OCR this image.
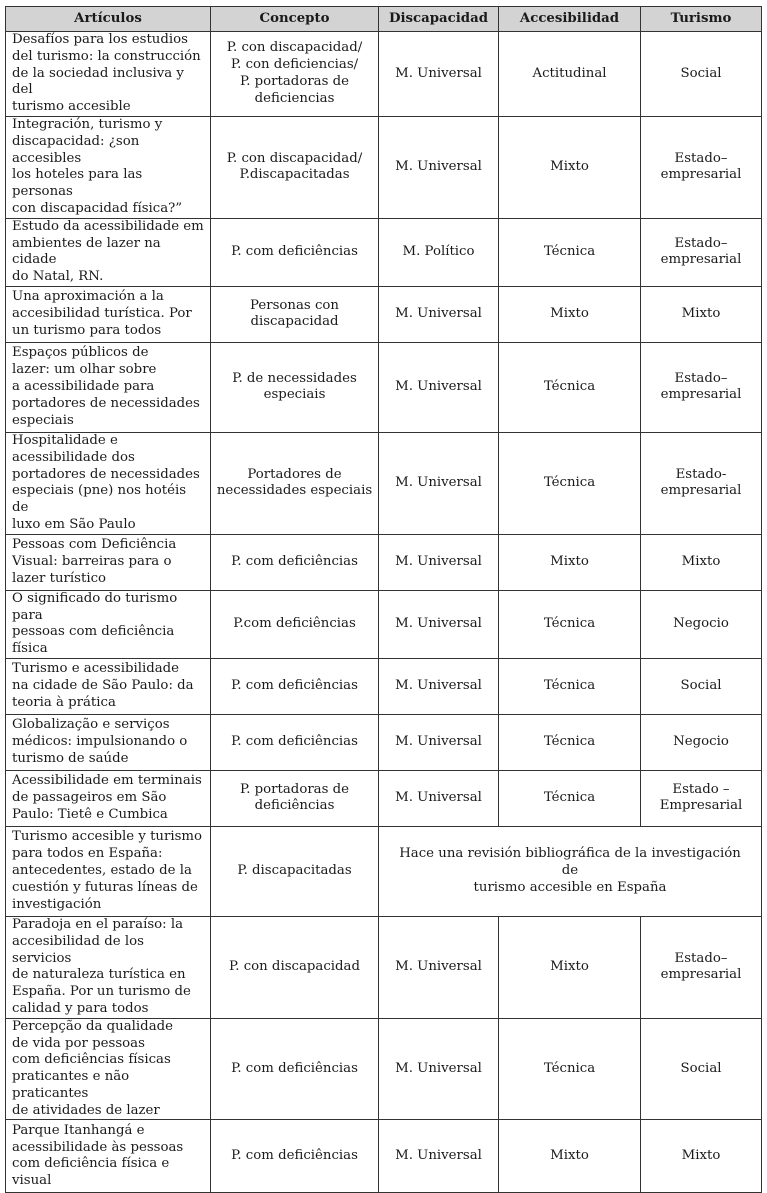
Artículos	Concepto	Discapacidad	Accesibilidad	Turismo

Desafíos para los estudios
del turismo: la construcción
de la sociedad inclusiva y del
turismo accesible	P. con discapacidad/
P. con deficiencias/
P. portadoras de
deficiencias	M. Universal	Actitudinal	Social

Integración, turismo y
discapacidad: ¿son accesibles
los hoteles para las personas
con discapacidad física?”	P. con discapacidad/
P.discapacitadas	M. Universal	Mixto	Estado–
empresarial

Estudo da acessibilidade em
ambientes de lazer na cidade
do Natal, RN.	P. com deficiências	M. Político	Técnica	Estado–
empresarial

Una aproximación a la
accesibilidad turística. Por
un turismo para todos	Personas con
discapacidad	M. Universal	Mixto	Mixto

Espaços públicos de
lazer: um olhar sobre
a acessibilidade para
portadores de necessidades
especiais	P. de necessidades
especiais	M. Universal	Técnica	Estado–
empresarial

Hospitalidade e
acessibilidade dos
portadores de necessidades
especiais (pne) nos hotéis de
luxo em São Paulo	Portadores de
necessidades especiais	M. Universal	Técnica	Estado-
empresarial

Pessoas com Deficiência
Visual: barreiras para o
lazer turístico	P. com deficiências	M. Universal	Mixto	Mixto

O significado do turismo para
pessoas com deficiência física	P.com deficiências	M. Universal	Técnica	Negocio

Turismo e acessibilidade
na cidade de São Paulo: da
teoria à prática	P. com deficiências	M. Universal	Técnica	Social

Globalização e serviços
médicos: impulsionando o
turismo de saúde	P. com deficiências	M. Universal	Técnica	Negocio

Acessibilidade em terminais
de passageiros em São
Paulo: Tietê e Cumbica	P. portadoras de
deficiências	M. Universal	Técnica	Estado –
Empresarial

Turismo accesible y turismo
para todos en España:
antecedentes, estado de la
cuestión y futuras líneas de
investigación	P. discapacitadas	Hace una revisión bibliográfica de la investigación de
turismo accesible en España		

Paradoja en el paraíso: la
accesibilidad de los servicios
de naturaleza turística en
España. Por un turismo de
calidad y para todos	P. con discapacidad	M. Universal	Mixto	Estado–
empresarial

Percepção da qualidade
de vida por pessoas
com deficiências físicas
praticantes e não praticantes
de atividades de lazer	P. com deficiências	M. Universal	Técnica	Social

Parque Itanhangá e
acessibilidade às pessoas
com deficiência física e
visual	P. com deficiências	M. Universal	Mixto	Mixto
